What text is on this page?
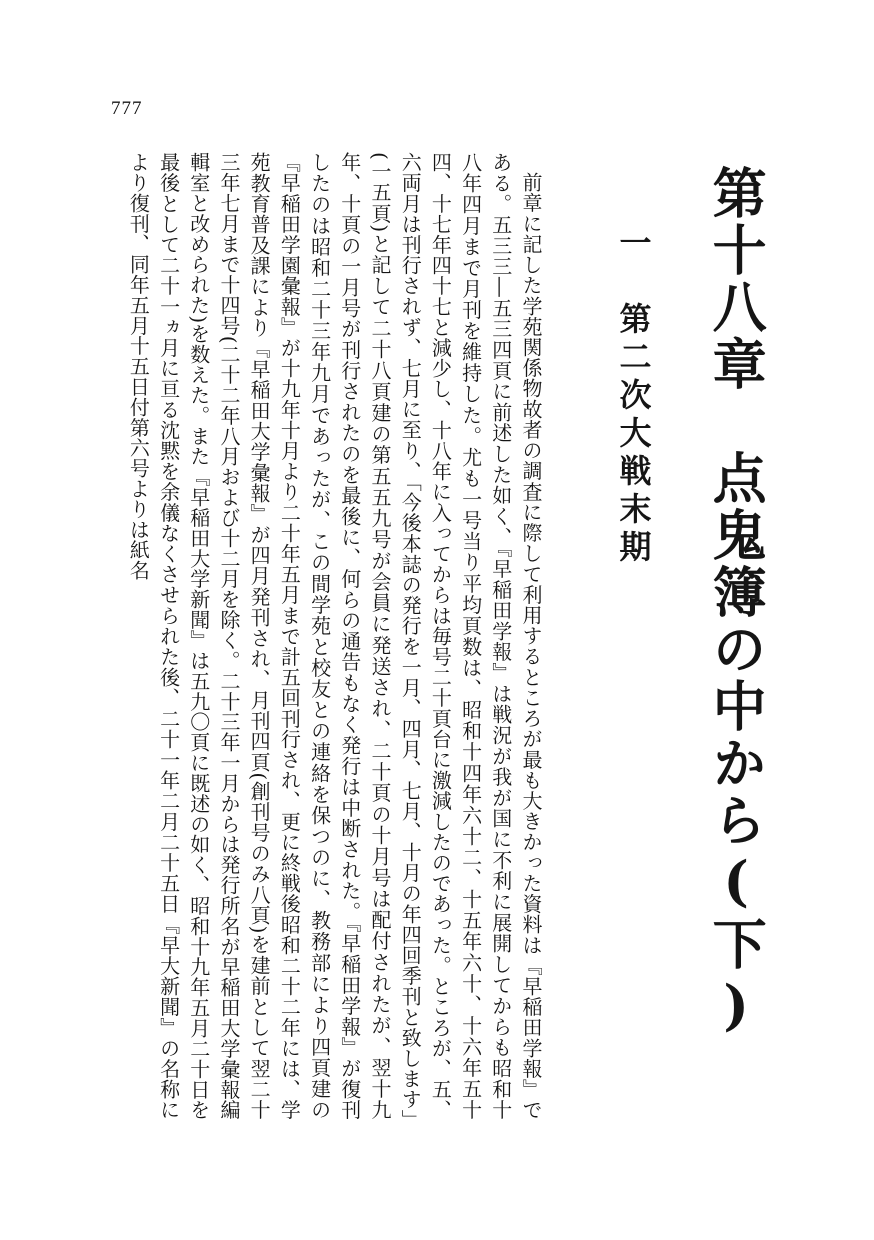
777
第十八章　点鬼簿の中から(下)
一　第二次大戦末期

前章に記した学苑関係物故者の調査に際して利用するところが最も大きかった資料は『早稲田学報』である。五三三―五三四頁に前述した如く、『早稲田学報』は戦況が我が国に不利に展開してからも昭和十八年四月まで月刊を維持した。尤も一号当り平均頁数は、昭和十四年六十二、十五年六十、十六年五十四、十七年四十七と減少し、十八年に入ってからは毎号二十頁台に激減したのであった。ところが、五、六両月は刊行されず、七月に至り、「今後本誌の発行を一月、四月、七月、十月の年四回季刊と致します」(一五頁)と記して二十八頁建の第五五九号が会員に発送され、二十頁の十月号は配付されたが、翌十九年、十頁の一月号が刊行されたのを最後に、何らの通告もなく発行は中断された。『早稲田学報』が復刊したのは昭和二十三年九月であったが、この間学苑と校友との連絡を保つのに、教務部により四頁建の『早稲田学園彙報』が十九年十月より二十年五月まで計五回刊行され、更に終戦後昭和二十二年には、学苑教育普及課により『早稲田大学彙報』が四月発刊され、月刊四頁(創刊号のみ八頁)を建前として翌二十三年七月まで十四号(二十二年八月および十二月を除く。二十三年一月からは発行所名が早稲田大学彙報編輯室と改められた)を数えた。また『早稲田大学新聞』は五九〇頁に既述の如く、昭和十九年五月二十日を最後として二十一ヵ月に亘る沈黙を余儀なくさせられた後、二十一年二月二十五日『早大新聞』の名称により復刊、同年五月十五日付第六号よりは紙名
